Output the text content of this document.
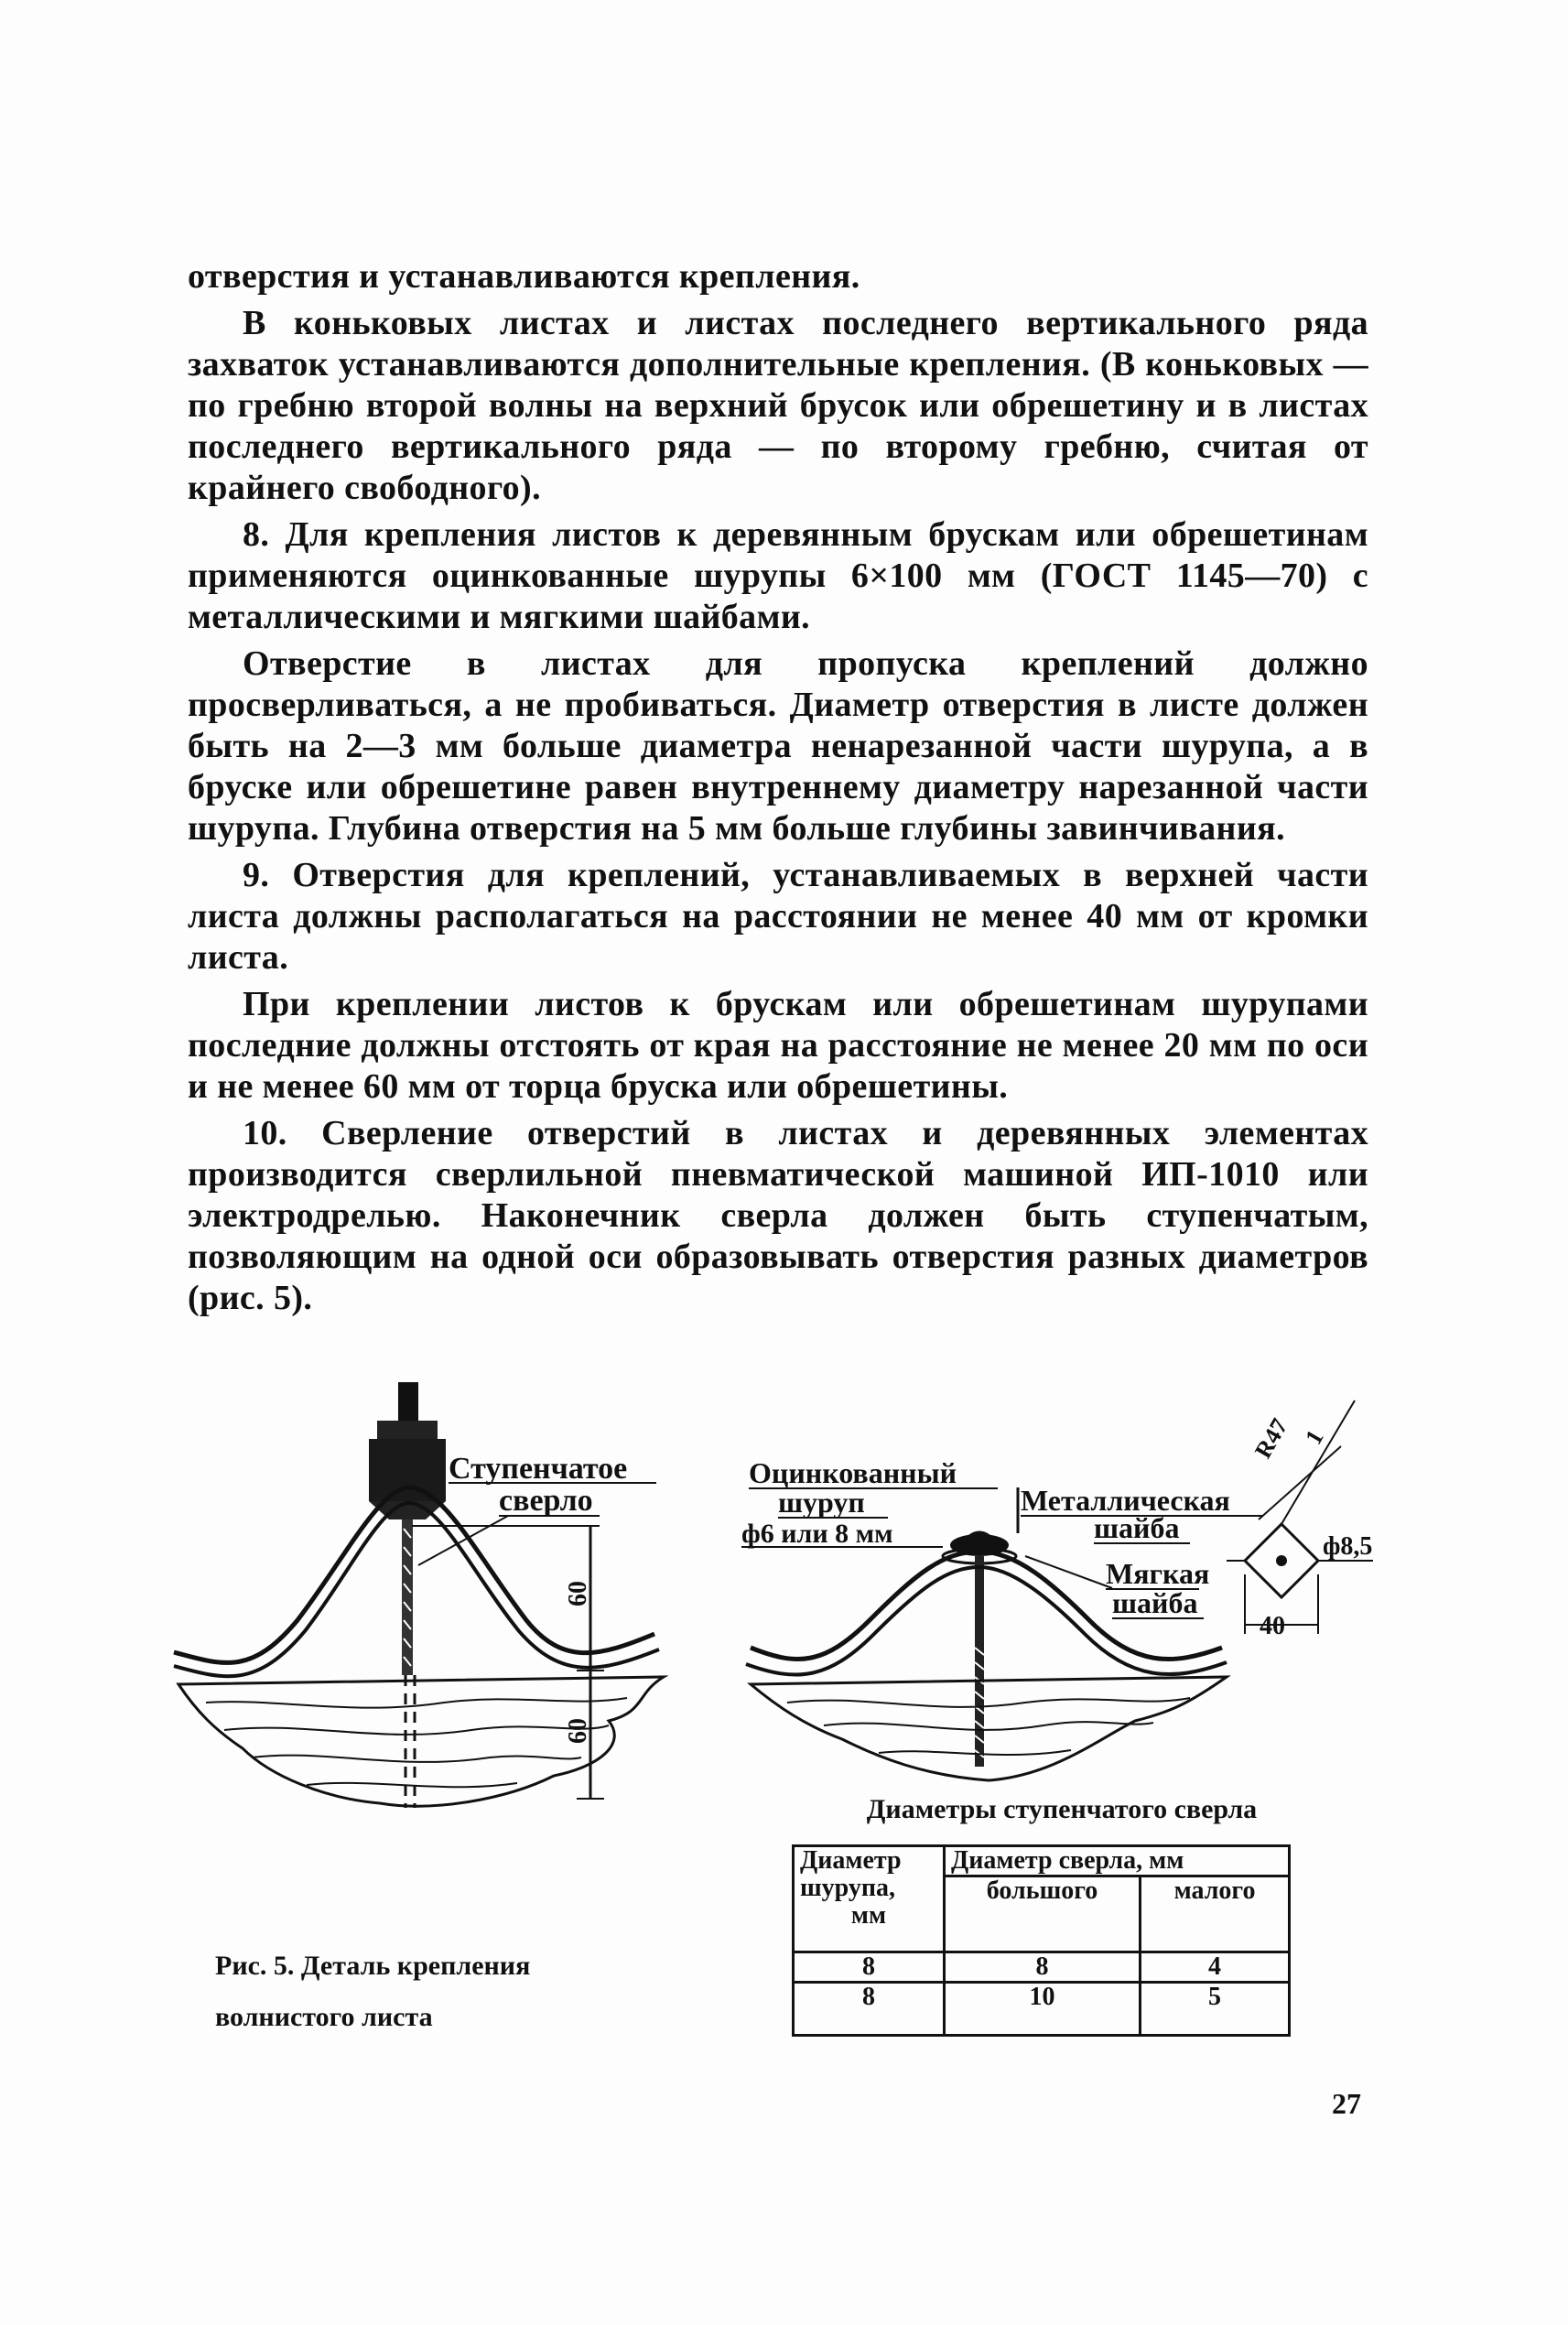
отверстия и устанавливаются крепления.

В коньковых листах и листах последнего вертикального ряда захваток устанавливаются дополнительные крепления. (В коньковых — по гребню второй волны на верхний брусок или обрешетину и в листах последнего вертикального ряда — по второму гребню, считая от крайнего свободного).

8. Для крепления листов к деревянным брускам или обрешетинам применяются оцинкованные шурупы 6×100 мм (ГОСТ 1145—70) с металлическими и мягкими шайбами.

Отверстие в листах для пропуска креплений должно просверливаться, а не пробиваться. Диаметр отверстия в листе должен быть на 2—3 мм больше диаметра ненарезанной части шурупа, а в бруске или обрешетине равен внутреннему диаметру нарезанной части шурупа. Глубина отверстия на 5 мм больше глубины завинчивания.

9. Отверстия для креплений, устанавливаемых в верхней части листа должны располагаться на расстоянии не менее 40 мм от кромки листа.

При креплении листов к брускам или обрешетинам шурупами последние должны отстоять от края на расстояние не менее 20 мм по оси и не менее 60 мм от торца бруска или обрешетины.

10. Сверление отверстий в листах и деревянных элементах производится сверлильной пневматической машиной ИП-1010 или электродрелью. Наконечник сверла должен быть ступенчатым, позволяющим на одной оси образовывать отверстия разных диаметров (рис. 5).

60
60
Ступенчатое
сверло
Оцинкованный
шуруп
ф6 или 8 мм
Металлическая
шайба
Мягкая
шайба
40
ф8,5
R47 1
Рис. 5. Деталь крепления
волнистого листа
Диаметры ступенчатого сверла
Диаметр
шурупа,
мм	Диаметр сверла, мм	
	большого	малого
8	8	4
8	10	5
27
